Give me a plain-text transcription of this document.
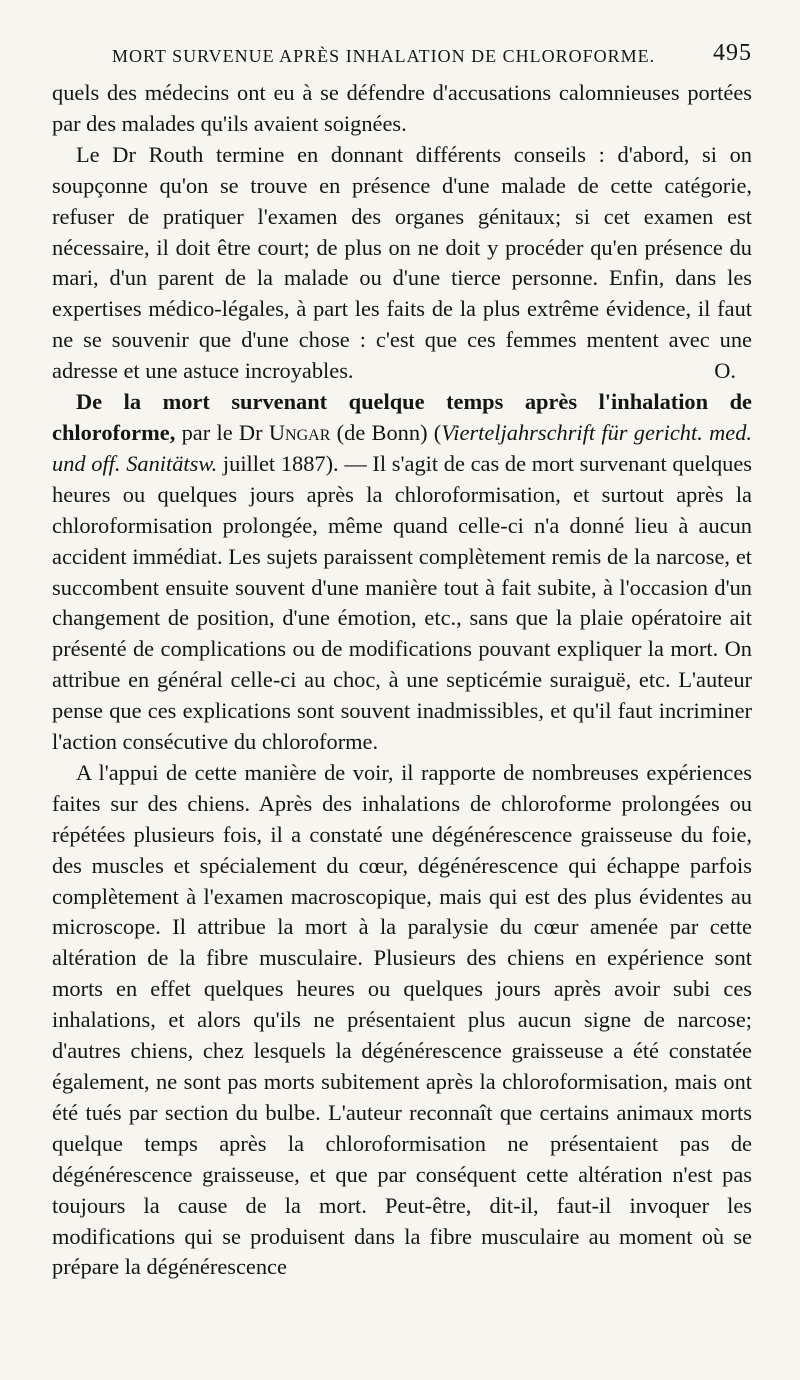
MORT SURVENUE APRÈS INHALATION DE CHLOROFORME. 495

quels des médecins ont eu à se défendre d'accusations calomnieuses portées par des malades qu'ils avaient soignées.

Le Dr Routh termine en donnant différents conseils : d'abord, si on soupçonne qu'on se trouve en présence d'une malade de cette catégorie, refuser de pratiquer l'examen des organes génitaux; si cet examen est nécessaire, il doit être court; de plus on ne doit y procéder qu'en présence du mari, d'un parent de la malade ou d'une tierce personne. Enfin, dans les expertises médico-légales, à part les faits de la plus extrême évidence, il faut ne se souvenir que d'une chose : c'est que ces femmes mentent avec une adresse et une astuce incroyables.	O.

De la mort survenant quelque temps après l'inhalation de chloroforme, par le Dr Ungar (de Bonn) (Vierteljahrschrift für gericht. med. und off. Sanitätsw. juillet 1887). — Il s'agit de cas de mort survenant quelques heures ou quelques jours après la chloroformisation, et surtout après la chloroformisation prolongée, même quand celle-ci n'a donné lieu à aucun accident immédiat. Les sujets paraissent complètement remis de la narcose, et succombent ensuite souvent d'une manière tout à fait subite, à l'occasion d'un changement de position, d'une émotion, etc., sans que la plaie opératoire ait présenté de complications ou de modifications pouvant expliquer la mort. On attribue en général celle-ci au choc, à une septicémie suraiguë, etc. L'auteur pense que ces explications sont souvent inadmissibles, et qu'il faut incriminer l'action consécutive du chloroforme.

A l'appui de cette manière de voir, il rapporte de nombreuses expériences faites sur des chiens. Après des inhalations de chloroforme prolongées ou répétées plusieurs fois, il a constaté une dégénérescence graisseuse du foie, des muscles et spécialement du cœur, dégénérescence qui échappe parfois complètement à l'examen macroscopique, mais qui est des plus évidentes au microscope. Il attribue la mort à la paralysie du cœur amenée par cette altération de la fibre musculaire. Plusieurs des chiens en expérience sont morts en effet quelques heures ou quelques jours après avoir subi ces inhalations, et alors qu'ils ne présentaient plus aucun signe de narcose; d'autres chiens, chez lesquels la dégénérescence graisseuse a été constatée également, ne sont pas morts subitement après la chloroformisation, mais ont été tués par section du bulbe. L'auteur reconnaît que certains animaux morts quelque temps après la chloroformisation ne présentaient pas de dégénérescence graisseuse, et que par conséquent cette altération n'est pas toujours la cause de la mort. Peut-être, dit-il, faut-il invoquer les modifications qui se produisent dans la fibre musculaire au moment où se prépare la dégénérescence
